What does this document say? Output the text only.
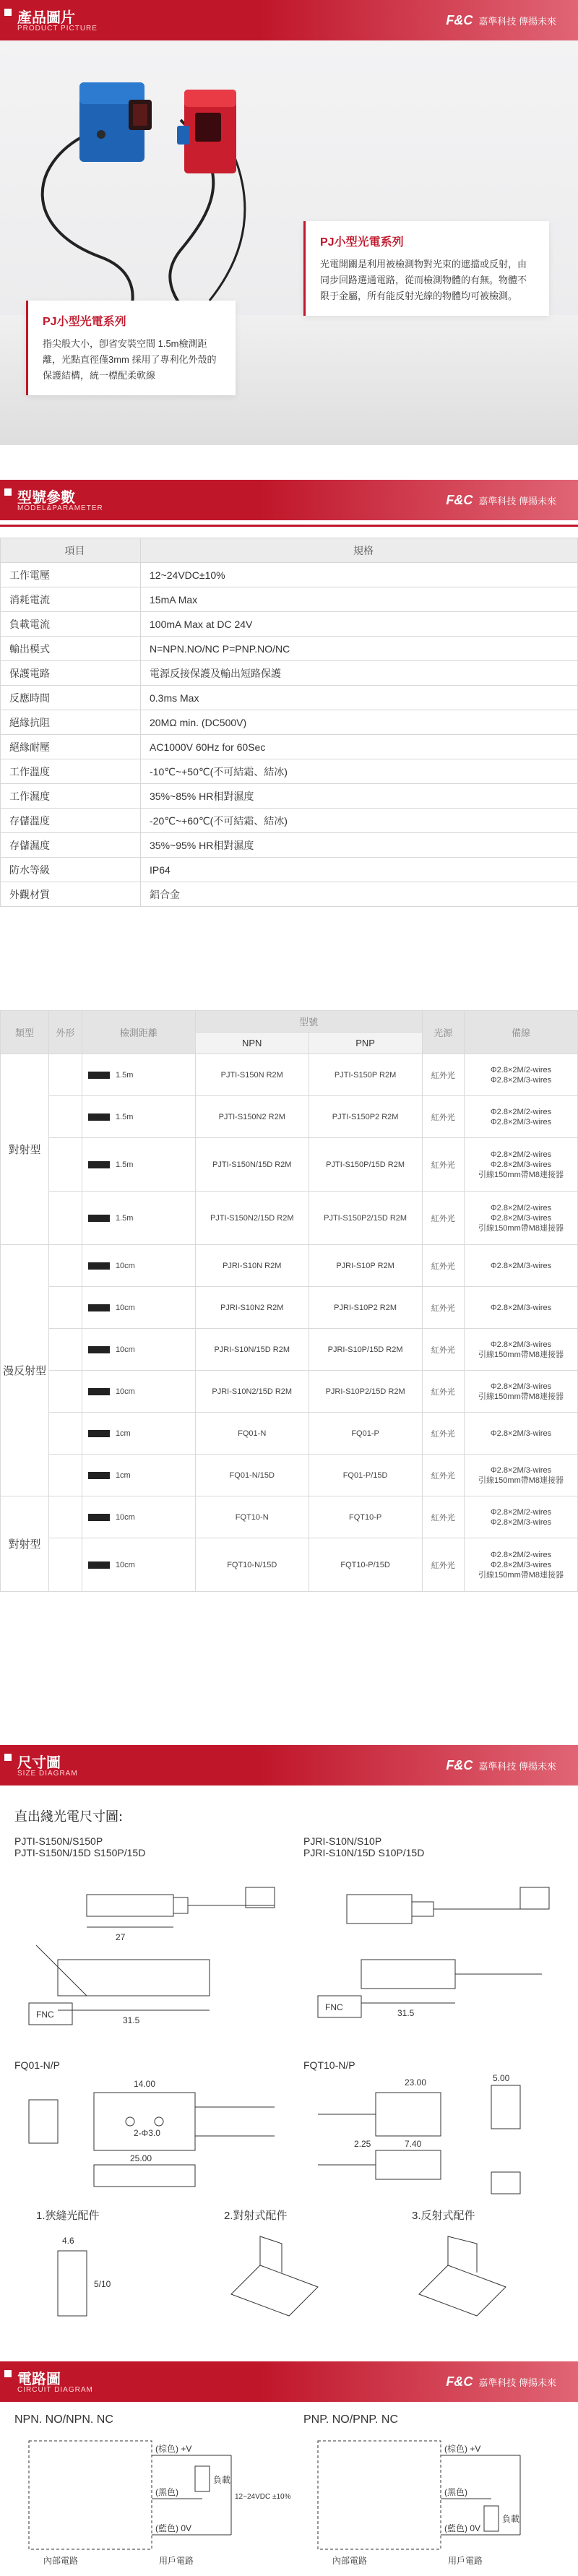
產品圖片
PRODUCT PICTURE
F&C 嘉準科技 傳揚未來
PJ小型光電系列
光電開關是利用被檢測物對光束的遮擋或反射，由同步回路選通電路，從而檢測物體的有無。物體不限于金屬，所有能反射光線的物體均可被檢測。
PJ小型光電系列
指尖般大小，卽省安裝空間 1.5m檢測距離，光點直徑僅3mm 採用了專利化外殼的保護結構，統一標配柔軟線
型號參數
MODEL&PARAMETER
F&C 嘉準科技 傳揚未來
項目	規格
工作電壓	12~24VDC±10%
消耗電流	15mA Max
負載電流	100mA Max at DC 24V
輸出模式	N=NPN.NO/NC P=PNP.NO/NC
保護電路	電源反接保護及輸出短路保護
反應時間	0.3ms Max
絕緣抗阻	20MΩ min. (DC500V)
絕緣耐壓	AC1000V 60Hz for 60Sec
工作溫度	-10℃~+50℃(不可結霜、結冰)
工作濕度	35%~85% HR相對濕度
存儲溫度	-20℃~+60℃(不可結霜、結冰)
存儲濕度	35%~95% HR相對濕度
防水等級	IP64
外觀材質	鋁合金
類型	外形	檢測距離	型號		光源	備線
			NPN	PNP		
對射型		1.5m	PJTI-S150N R2M	PJTI-S150P R2M	紅外光	Φ2.8×2M/2-wires
Φ2.8×2M/3-wires

		1.5m	PJTI-S150N2 R2M	PJTI-S150P2 R2M	紅外光	Φ2.8×2M/2-wires
Φ2.8×2M/3-wires

		1.5m	PJTI-S150N/15D R2M	PJTI-S150P/15D R2M	紅外光	Φ2.8×2M/2-wires
Φ2.8×2M/3-wires
引線150mm帶M8連接器

		1.5m	PJTI-S150N2/15D R2M	PJTI-S150P2/15D R2M	紅外光	Φ2.8×2M/2-wires
Φ2.8×2M/3-wires
引線150mm帶M8連接器

漫反射型		10cm	PJRI-S10N R2M	PJRI-S10P R2M	紅外光	Φ2.8×2M/3-wires

		10cm	PJRI-S10N2 R2M	PJRI-S10P2 R2M	紅外光	Φ2.8×2M/3-wires

		10cm	PJRI-S10N/15D R2M	PJRI-S10P/15D R2M	紅外光	Φ2.8×2M/3-wires
引線150mm帶M8連接器

		10cm	PJRI-S10N2/15D R2M	PJRI-S10P2/15D R2M	紅外光	Φ2.8×2M/3-wires
引線150mm帶M8連接器

		1cm	FQ01-N	FQ01-P	紅外光	Φ2.8×2M/3-wires

		1cm	FQ01-N/15D	FQ01-P/15D	紅外光	Φ2.8×2M/3-wires
引線150mm帶M8連接器

對射型		10cm	FQT10-N	FQT10-P	紅外光	Φ2.8×2M/2-wires
Φ2.8×2M/3-wires

		10cm	FQT10-N/15D	FQT10-P/15D	紅外光	Φ2.8×2M/2-wires
Φ2.8×2M/3-wires
引線150mm帶M8連接器
尺寸圖
SIZE DIAGRAM
F&C 嘉準科技 傳揚未來
直出綫光電尺寸圖:
PJTI-S150N/S150P
PJTI-S150N/15D S150P/15D
27
31.5
FNC
PJRI-S10N/S10P
PJRI-S10N/15D S10P/15D
31.5
FNC
FQ01-N/P
14.00
2-Φ3.0
25.00
FQT10-N/P
23.00
2.25	7.40
5.00
1.狹縫光配件	2.對射式配件	3.反射式配件
4.6
5/10
電路圖
CIRCUIT DIAGRAM
F&C 嘉準科技 傳揚未來
NPN. NO/NPN. NC
(棕色) +V
(黑色)
(藍色) 0V
負載
12~24VDC ±10%
內部電路	用戶電路
PNP. NO/PNP. NC
(棕色) +V
(黑色)
(藍色) 0V
負載
內部電路	用戶電路
